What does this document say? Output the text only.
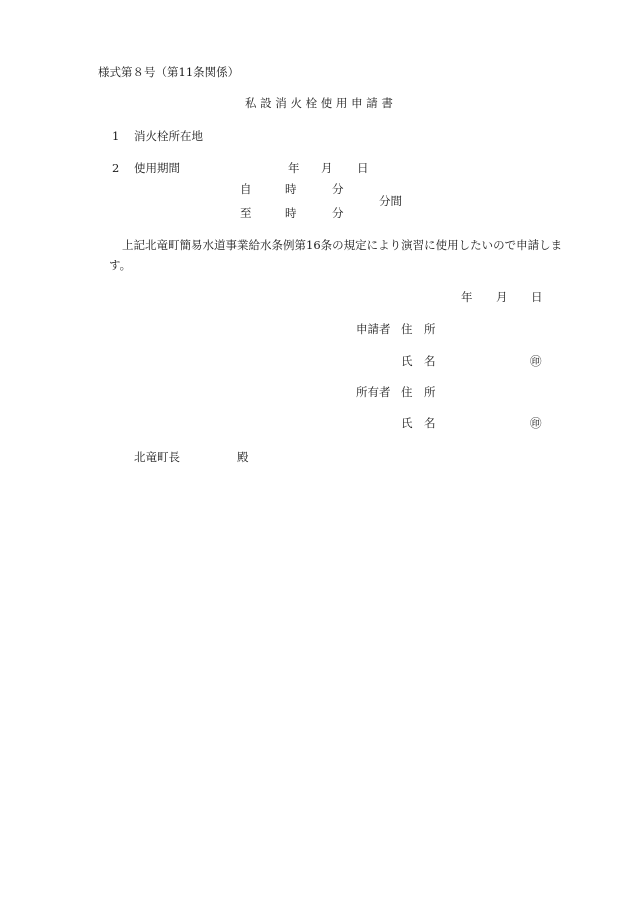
様式第８号（第11条関係）
私 設 消 火 栓 使 用 申 請 書
1 消火栓所在地
2 使用期間	年 月 日
自	時	分
分間
至	時	分
上記北竜町簡易水道事業給水条例第16条の規定により演習に使用したいので申請しま
す。
年 月 日
申請者 住　所
氏　名	㊞
所有者 住　所
氏　名	㊞
北竜町長	殿
